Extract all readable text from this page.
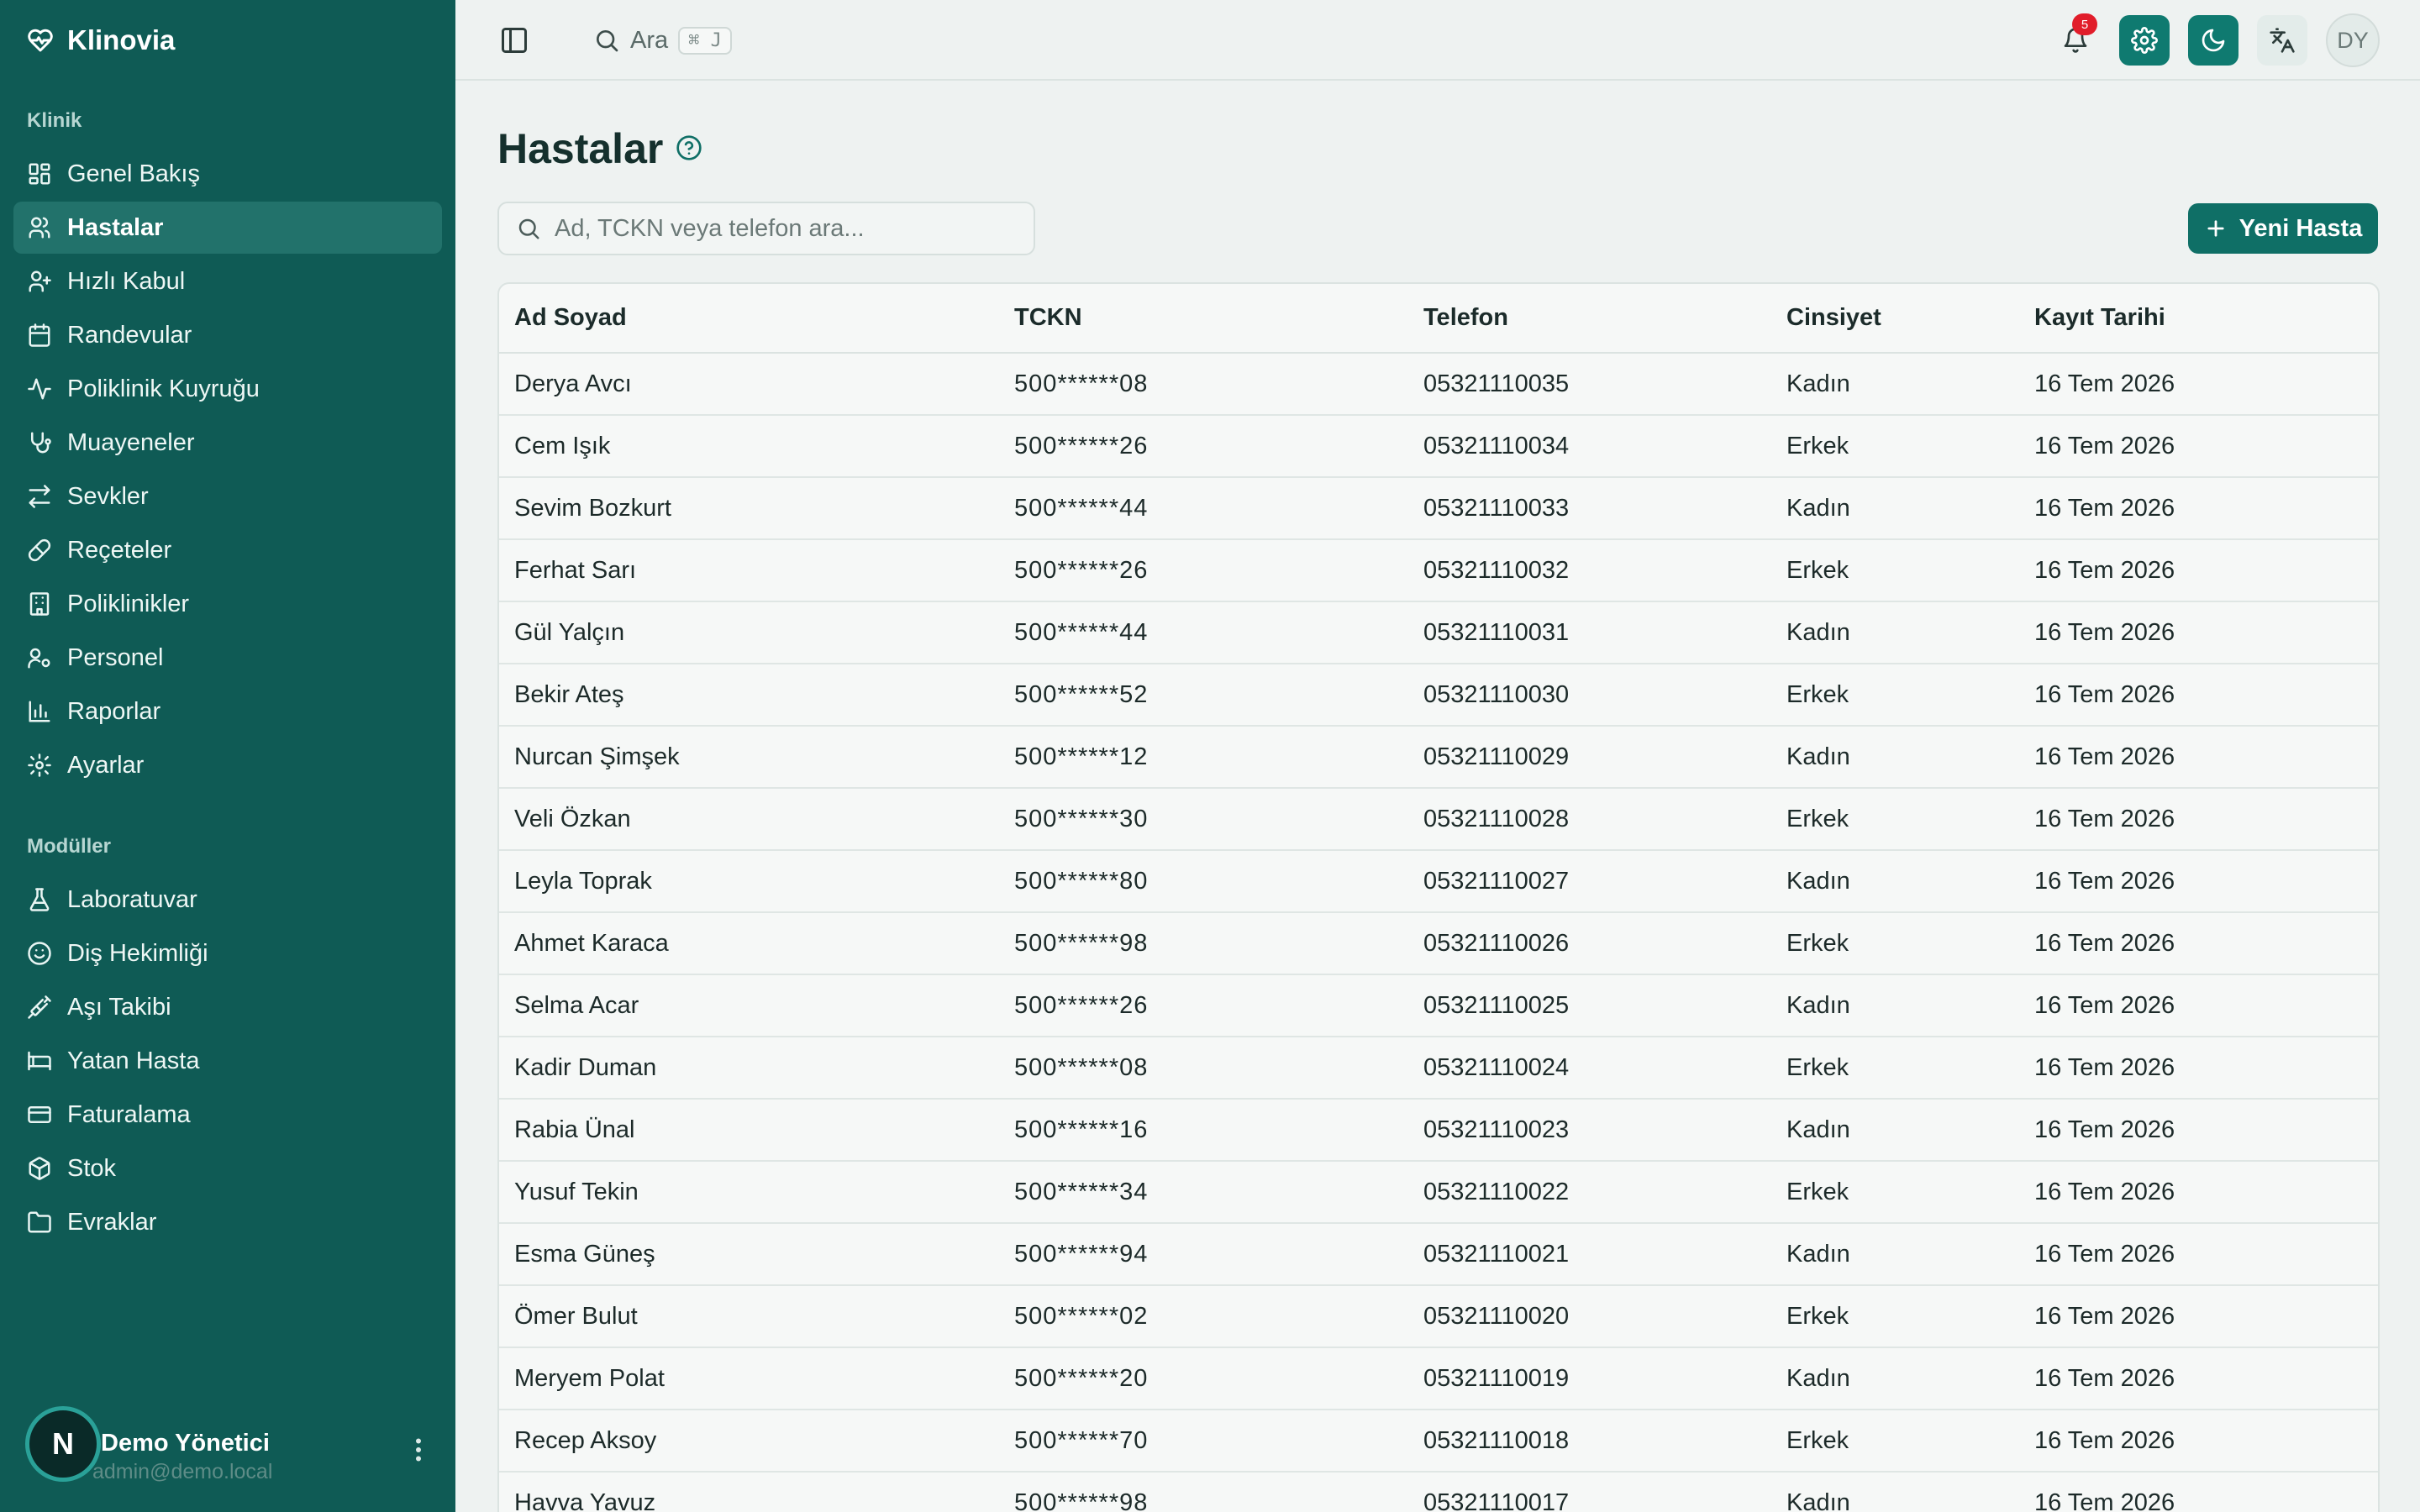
Klinovia
Klinik
Genel Bakış
Hastalar
Hızlı Kabul
Randevular
Poliklinik Kuyruğu
Muayeneler
Sevkler
Reçeteler
Poliklinikler
Personel
Raporlar
Ayarlar
Modüller
Laboratuvar
Diş Hekimliği
Aşı Takibi
Yatan Hasta
Faturalama
Stok
Evraklar
N	Demo Yönetici
admin@demo.local
Ara	⌘ J
5
DY
Hastalar
Ad, TCKN veya telefon ara...
Yeni Hasta
Ad Soyad	TCKN	Telefon	Cinsiyet	Kayıt Tarihi
Derya Avcı	500******08	05321110035	Kadın	16 Tem 2026
Cem Işık	500******26	05321110034	Erkek	16 Tem 2026
Sevim Bozkurt	500******44	05321110033	Kadın	16 Tem 2026
Ferhat Sarı	500******26	05321110032	Erkek	16 Tem 2026
Gül Yalçın	500******44	05321110031	Kadın	16 Tem 2026
Bekir Ateş	500******52	05321110030	Erkek	16 Tem 2026
Nurcan Şimşek	500******12	05321110029	Kadın	16 Tem 2026
Veli Özkan	500******30	05321110028	Erkek	16 Tem 2026
Leyla Toprak	500******80	05321110027	Kadın	16 Tem 2026
Ahmet Karaca	500******98	05321110026	Erkek	16 Tem 2026
Selma Acar	500******26	05321110025	Kadın	16 Tem 2026
Kadir Duman	500******08	05321110024	Erkek	16 Tem 2026
Rabia Ünal	500******16	05321110023	Kadın	16 Tem 2026
Yusuf Tekin	500******34	05321110022	Erkek	16 Tem 2026
Esma Güneş	500******94	05321110021	Kadın	16 Tem 2026
Ömer Bulut	500******02	05321110020	Erkek	16 Tem 2026
Meryem Polat	500******20	05321110019	Kadın	16 Tem 2026
Recep Aksoy	500******70	05321110018	Erkek	16 Tem 2026
Havva Yavuz	500******98	05321110017	Kadın	16 Tem 2026
